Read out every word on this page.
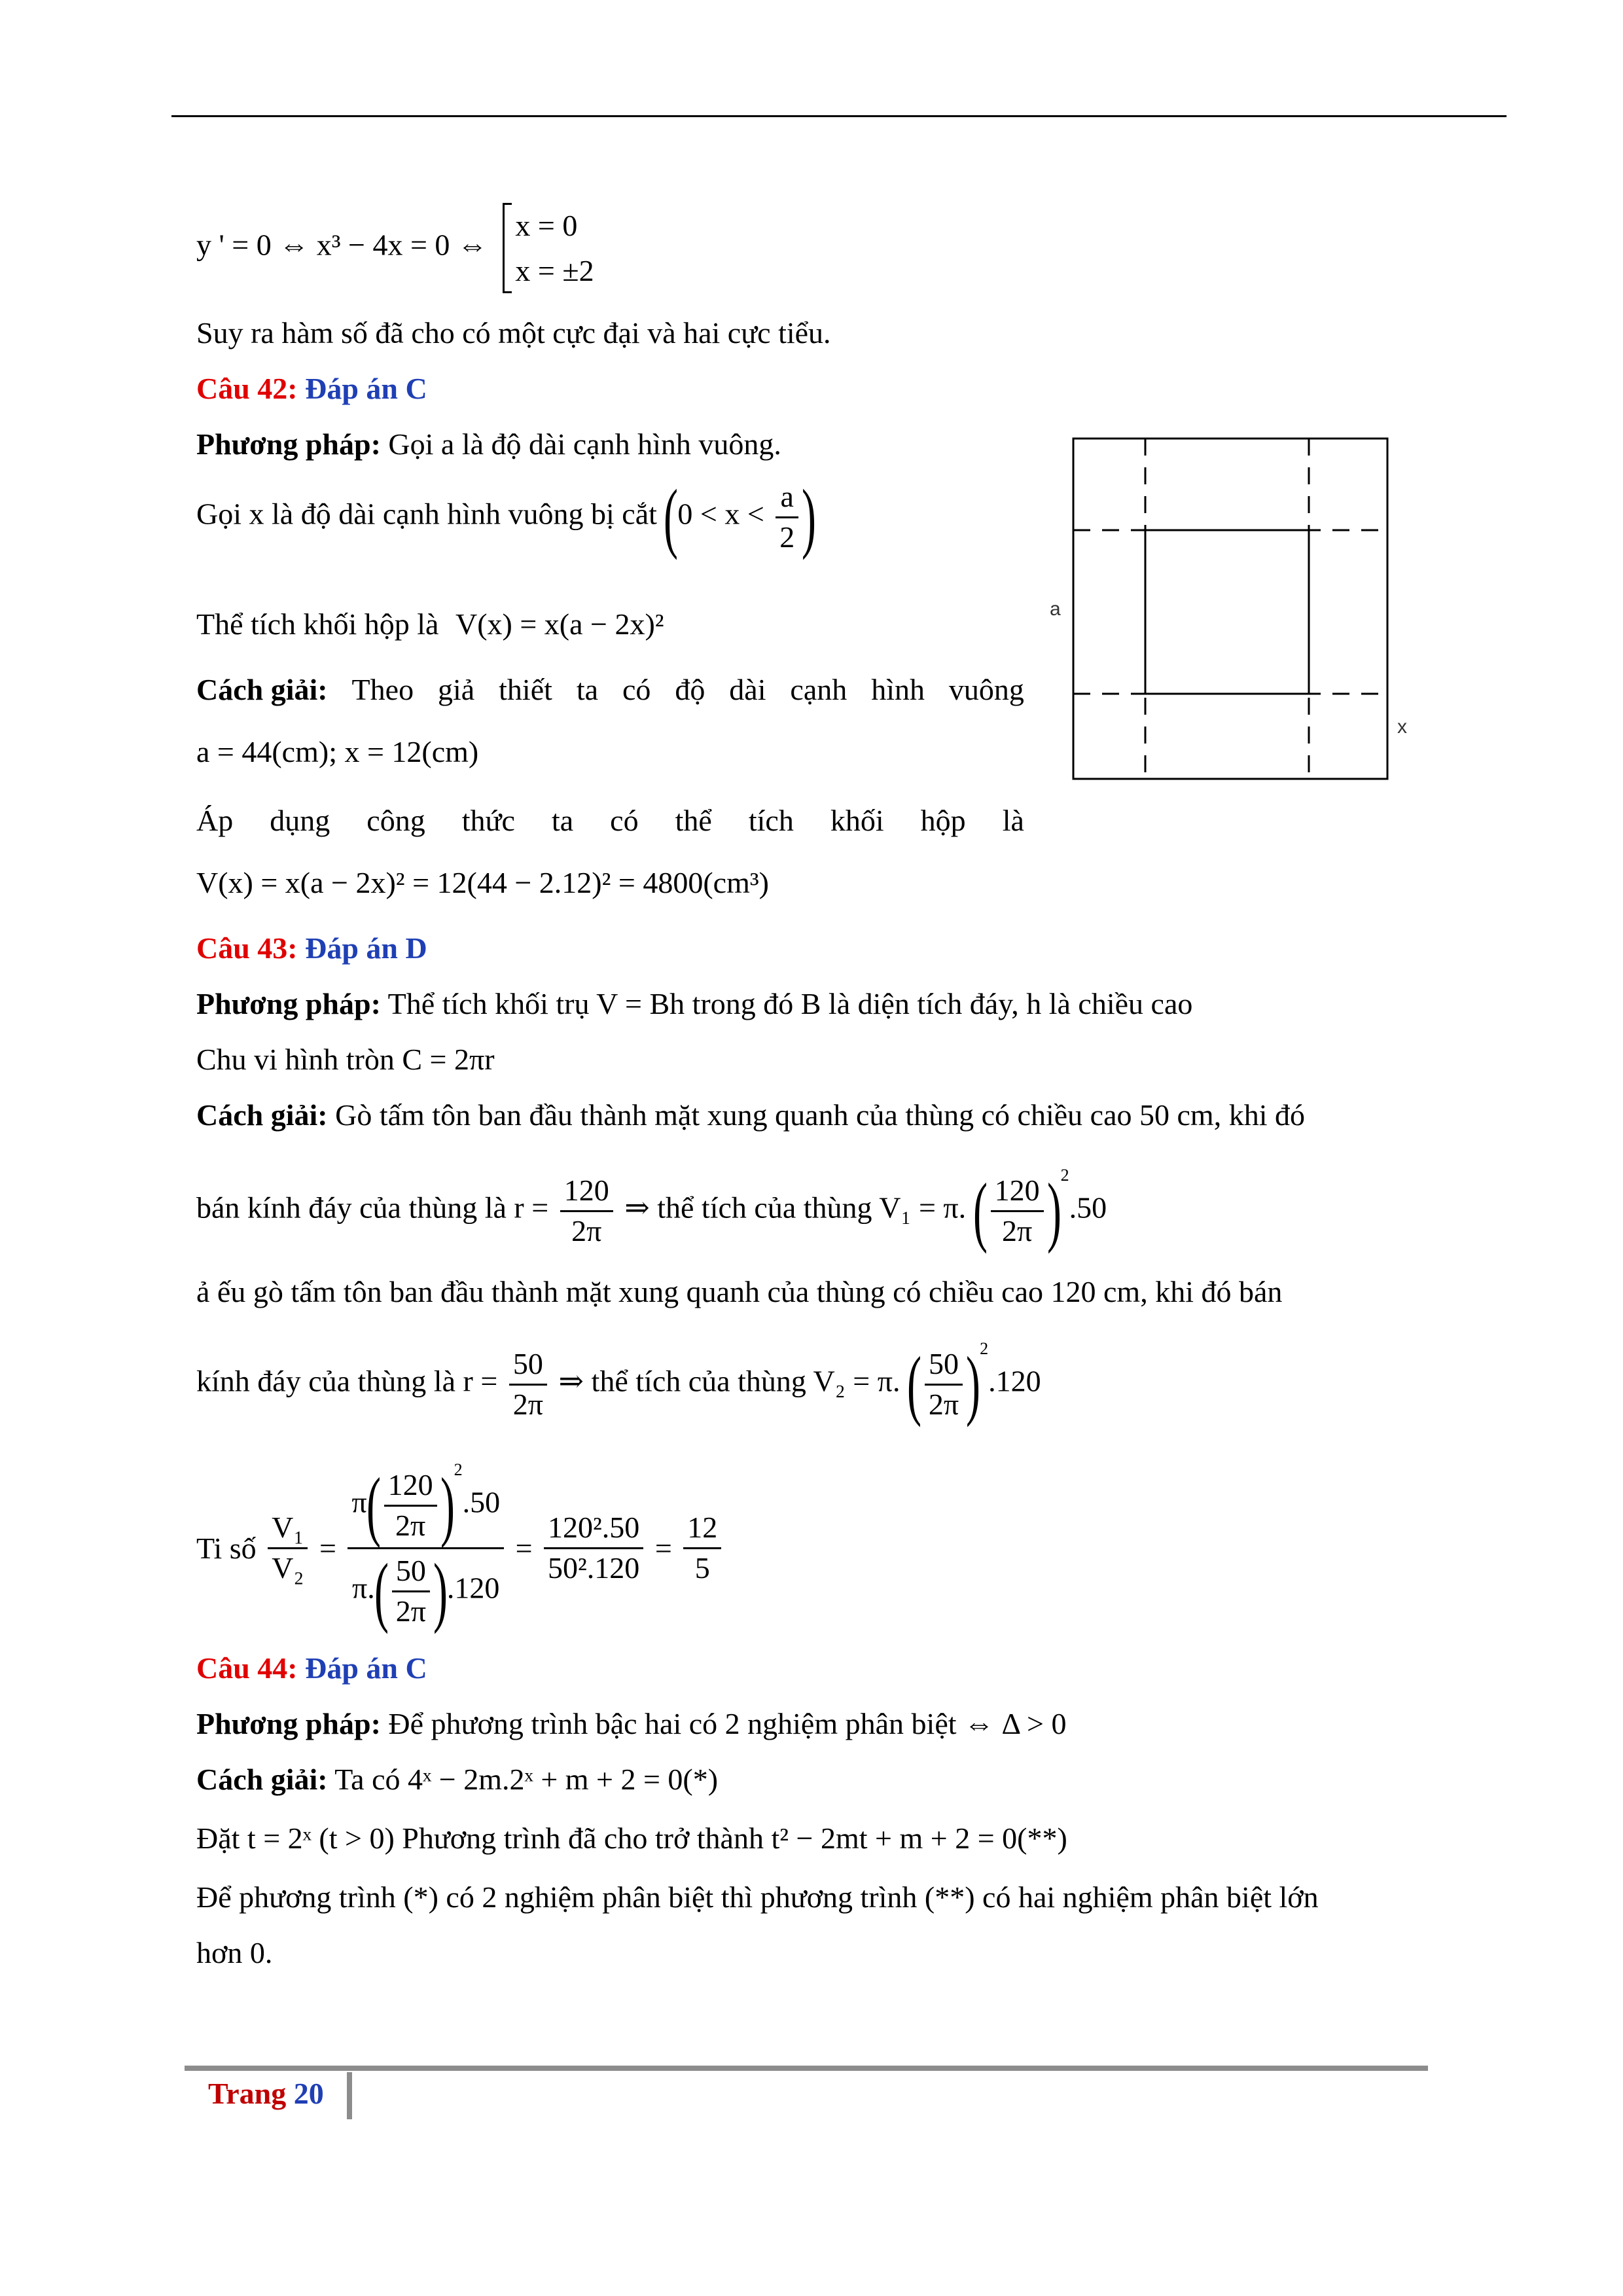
y ' = 0 ⇔ x³ − 4x = 0 ⇔
x = 0
x = ±2
Suy ra hàm số đã cho có một cực đại và hai cực tiểu.
Câu 42: Đáp án C
Phương pháp: Gọi a là độ dài cạnh hình vuông.
Gọi x là độ dài cạnh hình vuông bị cắt ($0 < x < \frac{a}{2}$ )
Thể tích khối hộp là V(x) = x(a − 2x)²
Cách giải: Theo giả thiết ta có độ dài cạnh hình vuông
a = 44(cm); x = 12(cm)
Áp dụng công thức ta có thể tích khối hộp là
V(x) = x(a − 2x)² = 12(44 − 2.12)² = 4800(cm³)
Câu 43: Đáp án D
Phương pháp: Thể tích khối trụ V = Bh trong đó B là diện tích đáy, h là chiều cao
Chu vi hình tròn C = 2πr
Cách giải: Gò tấm tôn ban đầu thành mặt xung quanh của thùng có chiều cao 50 cm, khi đó
bán kính đáy của thùng là $r = \frac{120}{2\pi}$ ⇒ thể tích của thùng V₁ = π. ( $\frac{120}{2\pi} )^2.50$
ả ếu gò tấm tôn ban đầu thành mặt xung quanh của thùng có chiều cao 120 cm, khi đó bán
kính đáy của thùng là $r = \frac{50}{2\pi}$ ⇒ thể tích của thùng V₂ = π. ( $\frac{50}{2\pi} )^2.120$
Ti số $\frac{\text{V₁}}{\text{V₂}} = \frac{\pi( \frac{120}{2\pi} )^2.50}{\pi.( \frac{50}{2\pi} ).120} = \frac{\text{120².50}}{\text{50².120}} = \frac{12}{5}$
Câu 44: Đáp án C
Phương pháp: Để phương trình bậc hai có 2 nghiệm phân biệt ⇔ Δ > 0
Cách giải: Ta có 4ˣ − 2m.2ˣ + m + 2 = 0(*)
Đặt t = 2ˣ (t > 0) Phương trình đã cho trở thành t² − 2mt + m + 2 = 0(**)
Để phương trình (*) có 2 nghiệm phân biệt thì phương trình (**) có hai nghiệm phân biệt lớn
hơn 0.
a
x
Trang 20
